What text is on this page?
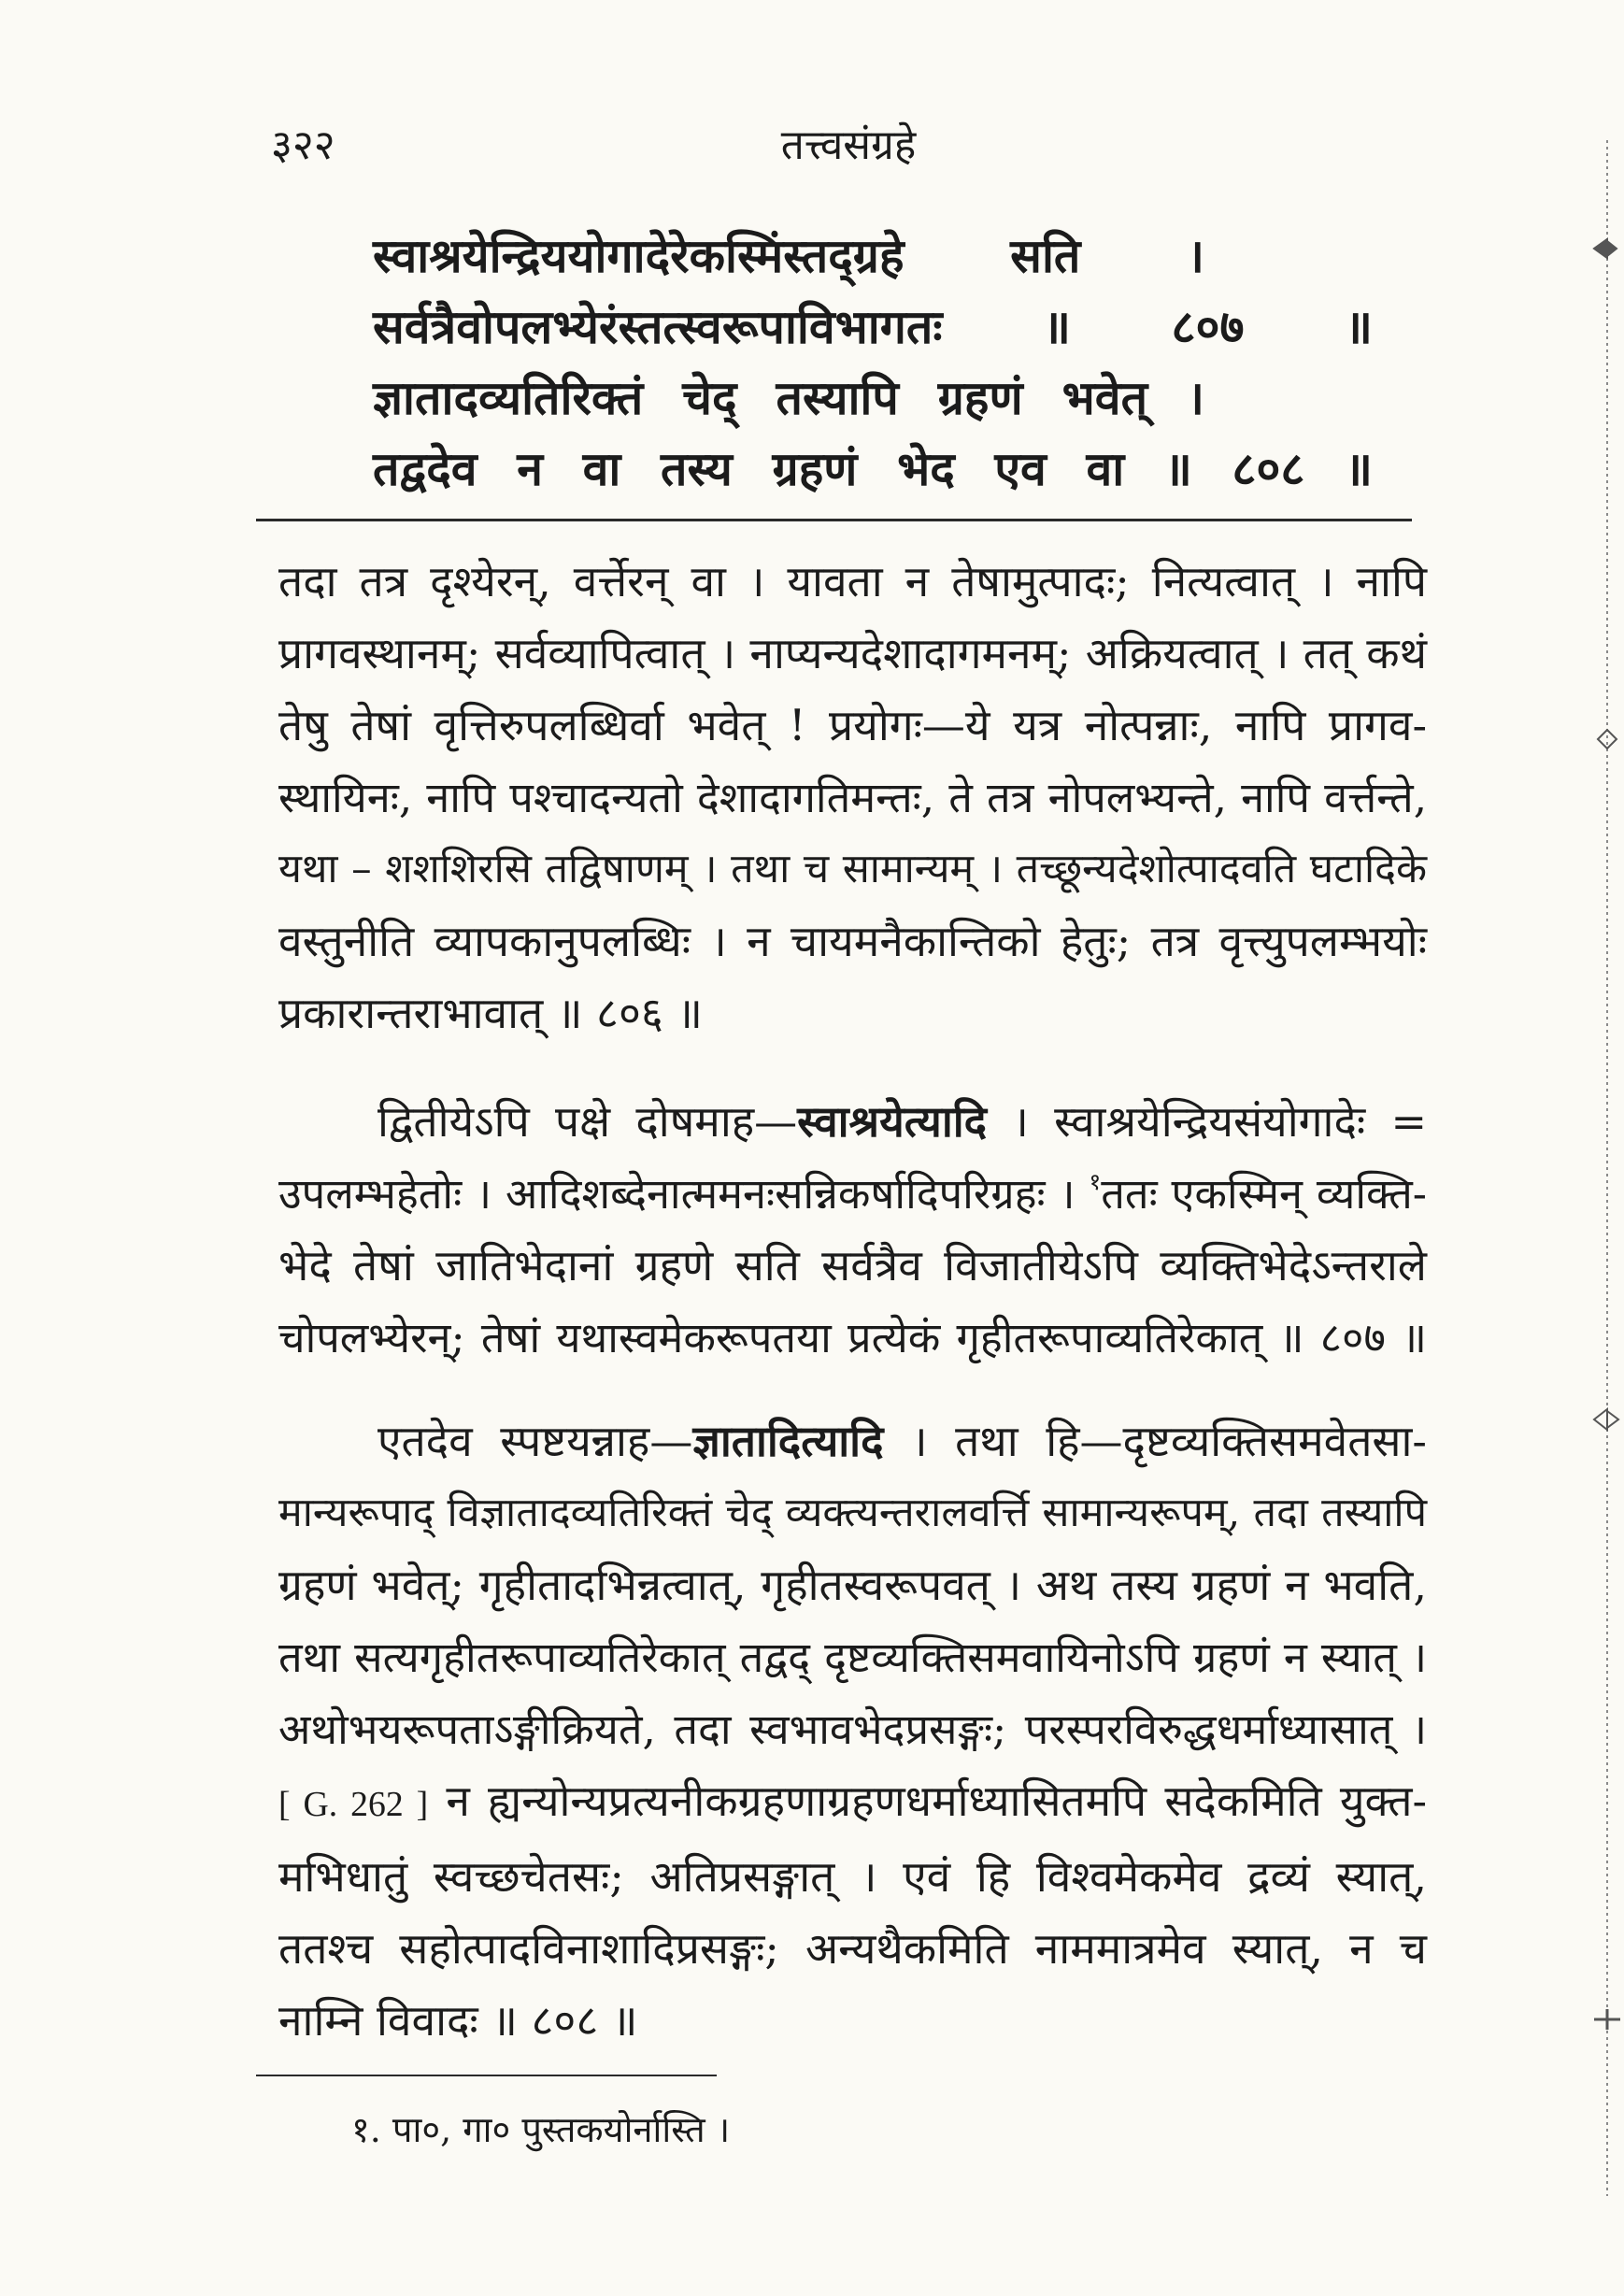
३२२	तत्त्वसंग्रहे
स्वाश्रयेन्द्रिययोगादेरेकस्मिंस्तद्ग्रहे सति ।
सर्वत्रैवोपलभ्येरंस्तत्स्वरूपाविभागतः ॥ ८०७ ॥
ज्ञातादव्यतिरिक्तं चेद् तस्यापि ग्रहणं भवेत् ।
तद्वदेव न वा तस्य ग्रहणं भेद एव वा ॥ ८०८ ॥
तदा तत्र दृश्येरन्, वर्त्तेरन् वा । यावता न तेषामुत्पादः; नित्यत्वात् । नापि
प्रागवस्थानम्; सर्वव्यापित्वात् । नाप्यन्यदेशादागमनम्; अक्रियत्वात् । तत् कथं
तेषु तेषां वृत्तिरुपलब्धिर्वा भवेत् ! प्रयोगः—ये यत्र नोत्पन्नाः, नापि प्रागव-
स्थायिनः, नापि पश्चादन्यतो देशादागतिमन्तः, ते तत्र नोपलभ्यन्ते, नापि वर्त्तन्ते,
यथा – शशशिरसि तद्विषाणम् । तथा च सामान्यम् । तच्छून्यदेशोत्पादवति घटादिके
वस्तुनीति व्यापकानुपलब्धिः । न चायमनैकान्तिको हेतुः; तत्र वृत्त्युपलम्भयोः
प्रकारान्तराभावात् ॥ ८०६ ॥
द्वितीयेऽपि पक्षे दोषमाह—स्वाश्रयेत्यादि । स्वाश्रयेन्द्रियसंयोगादेः =
उपलम्भहेतोः । आदिशब्देनात्ममनःसन्निकर्षादिपरिग्रहः । $^१$ततः एकस्मिन् व्यक्ति-
भेदे तेषां जातिभेदानां ग्रहणे सति सर्वत्रैव विजातीयेऽपि व्यक्तिभेदेऽन्तराले
चोपलभ्येरन्; तेषां यथास्वमेकरूपतया प्रत्येकं गृहीतरूपाव्यतिरेकात् ॥ ८०७ ॥
एतदेव स्पष्टयन्नाह—ज्ञातादित्यादि । तथा हि—दृष्टव्यक्तिसमवेतसा-
मान्यरूपाद् विज्ञातादव्यतिरिक्तं चेद् व्यक्त्यन्तरालवर्त्ति सामान्यरूपम्, तदा तस्यापि
ग्रहणं भवेत्; गृहीतादभिन्नत्वात्, गृहीतस्वरूपवत् । अथ तस्य ग्रहणं न भवति,
तथा सत्यगृहीतरूपाव्यतिरेकात् तद्वद् दृष्टव्यक्तिसमवायिनोऽपि ग्रहणं न स्यात् ।
अथोभयरूपताऽङ्गीक्रियते, तदा स्वभावभेदप्रसङ्गः; परस्परविरुद्धधर्माध्यासात् ।
[ G. 262 ] न ह्यन्योन्यप्रत्यनीकग्रहणाग्रहणधर्माध्यासितमपि सदेकमिति युक्त-
मभिधातुं स्वच्छचेतसः; अतिप्रसङ्गात् । एवं हि विश्वमेकमेव द्रव्यं स्यात्,
ततश्च सहोत्पादविनाशादिप्रसङ्गः; अन्यथैकमिति नाममात्रमेव स्यात्, न च
नाम्नि विवादः ॥ ८०८ ॥
१. पा०, गा० पुस्तकयोर्नास्ति ।
